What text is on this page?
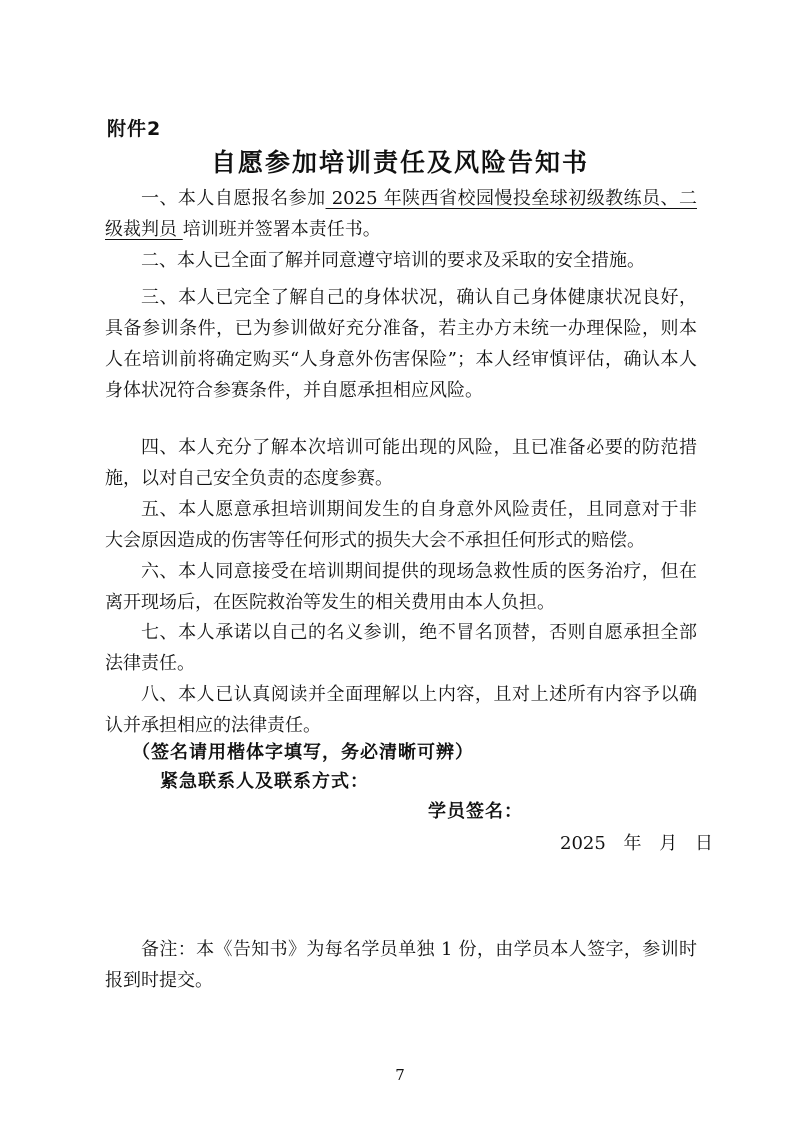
附件2
自愿参加培训责任及风险告知书

一、本人自愿报名参加 2025 年陕西省校园慢投垒球初级教练员、二级裁判员 培训班并签署本责任书。

二、本人已全面了解并同意遵守培训的要求及采取的安全措施。

三、本人已完全了解自己的身体状况，确认自己身体健康状况良好，具备参训条件，已为参训做好充分准备，若主办方未统一办理保险，则本人在培训前将确定购买“人身意外伤害保险”；本人经审慎评估，确认本人身体状况符合参赛条件，并自愿承担相应风险。

四、本人充分了解本次培训可能出现的风险，且已准备必要的防范措施，以对自己安全负责的态度参赛。

五、本人愿意承担培训期间发生的自身意外风险责任，且同意对于非大会原因造成的伤害等任何形式的损失大会不承担任何形式的赔偿。

六、本人同意接受在培训期间提供的现场急救性质的医务治疗，但在离开现场后，在医院救治等发生的相关费用由本人负担。

七、本人承诺以自己的名义参训，绝不冒名顶替，否则自愿承担全部法律责任。

八、本人已认真阅读并全面理解以上内容，且对上述所有内容予以确认并承担相应的法律责任。

（签名请用楷体字填写，务必清晰可辨）
紧急联系人及联系方式：
学员签名：
2025 年 月 日

备注：本《告知书》为每名学员单独 1 份，由学员本人签字，参训时报到时提交。

7
